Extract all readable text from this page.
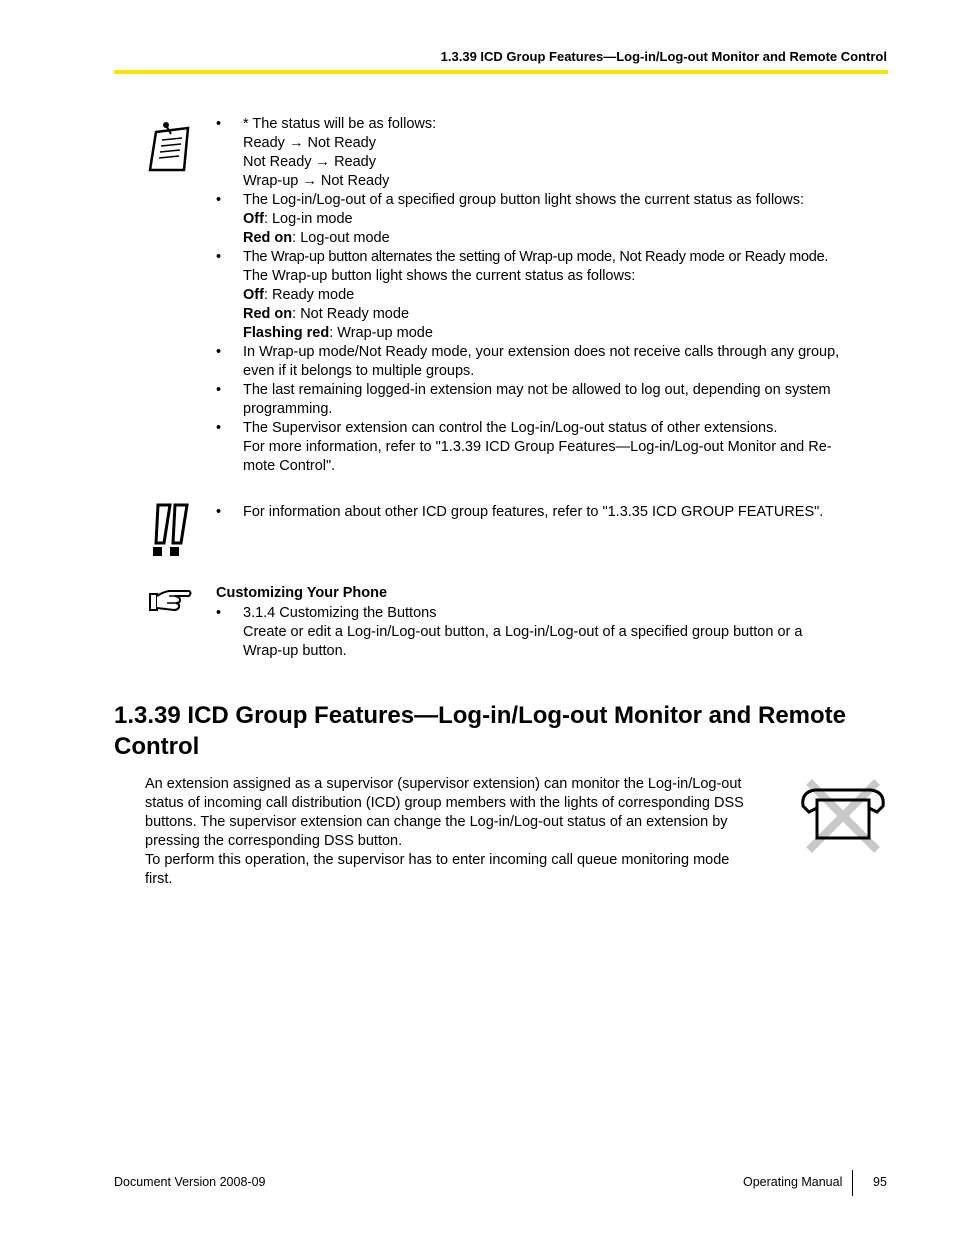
1.3.39 ICD Group Features—Log-in/Log-out Monitor and Remote Control
• * The status will be as follows:
Ready → Not Ready
Not Ready → Ready
Wrap-up → Not Ready
• The Log-in/Log-out of a specified group button light shows the current status as follows:
Off: Log-in mode
Red on: Log-out mode
• The Wrap-up button alternates the setting of Wrap-up mode, Not Ready mode or Ready mode.
The Wrap-up button light shows the current status as follows:
Off: Ready mode
Red on: Not Ready mode
Flashing red: Wrap-up mode
• In Wrap-up mode/Not Ready mode, your extension does not receive calls through any group,
even if it belongs to multiple groups.
• The last remaining logged-in extension may not be allowed to log out, depending on system
programming.
• The Supervisor extension can control the Log-in/Log-out status of other extensions.
For more information, refer to "1.3.39 ICD Group Features—Log-in/Log-out Monitor and Re-
mote Control".
• For information about other ICD group features, refer to "1.3.35 ICD GROUP FEATURES".
Customizing Your Phone
• 3.1.4 Customizing the Buttons
Create or edit a Log-in/Log-out button, a Log-in/Log-out of a specified group button or a
Wrap-up button.
1.3.39 ICD Group Features—Log-in/Log-out Monitor and Remote
Control
An extension assigned as a supervisor (supervisor extension) can monitor the Log-in/Log-out
status of incoming call distribution (ICD) group members with the lights of corresponding DSS
buttons. The supervisor extension can change the Log-in/Log-out status of an extension by
pressing the corresponding DSS button.
To perform this operation, the supervisor has to enter incoming call queue monitoring mode
first.
Document Version 2008-09	Operating Manual 95
